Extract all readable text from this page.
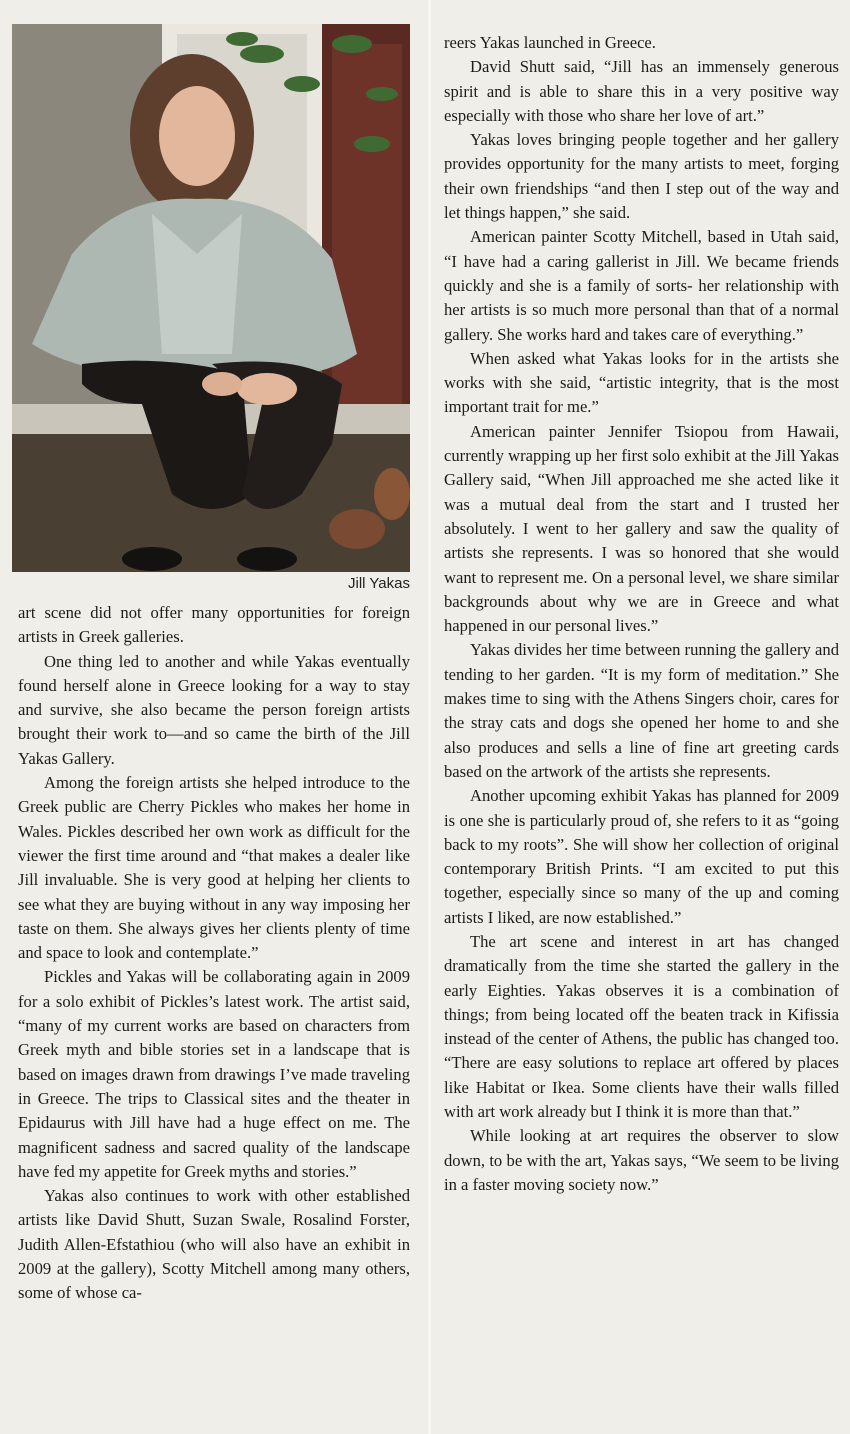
Jill Yakas

art scene did not offer many opportunities for foreign artists in Greek galleries.

One thing led to another and while Yakas eventually found herself alone in Greece looking for a way to stay and survive, she also became the person foreign artists brought their work to—and so came the birth of the Jill Yakas Gallery.

Among the foreign artists she helped introduce to the Greek public are Cherry Pickles who makes her home in Wales. Pickles described her own work as difficult for the viewer the first time around and “that makes a dealer like Jill invaluable. She is very good at helping her clients to see what they are buying without in any way imposing her taste on them. She always gives her clients plenty of time and space to look and contemplate.”

Pickles and Yakas will be collaborating again in 2009 for a solo exhibit of Pickles’s latest work. The artist said, “many of my current works are based on characters from Greek myth and bible stories set in a landscape that is based on images drawn from drawings I’ve made traveling in Greece. The trips to Classical sites and the theater in Epidaurus with Jill have had a huge effect on me. The magnificent sadness and sacred quality of the landscape have fed my appetite for Greek myths and stories.”

Yakas also continues to work with other established artists like David Shutt, Suzan Swale, Rosalind Forster, Judith Allen-Efstathiou (who will also have an exhibit in 2009 at the gallery), Scotty Mitchell among many others, some of whose ca-

reers Yakas launched in Greece.

David Shutt said, “Jill has an immensely generous spirit and is able to share this in a very positive way especially with those who share her love of art.”

Yakas loves bringing people together and her gallery provides opportunity for the many artists to meet, forging their own friendships “and then I step out of the way and let things happen,” she said.

American painter Scotty Mitchell, based in Utah said, “I have had a caring gallerist in Jill. We became friends quickly and she is a family of sorts- her relationship with her artists is so much more personal than that of a normal gallery. She works hard and takes care of everything.”

When asked what Yakas looks for in the artists she works with she said, “artistic integrity, that is the most important trait for me.”

American painter Jennifer Tsiopou from Hawaii, currently wrapping up her first solo exhibit at the Jill Yakas Gallery said, “When Jill approached me she acted like it was a mutual deal from the start and I trusted her absolutely. I went to her gallery and saw the quality of artists she represents. I was so honored that she would want to represent me. On a personal level, we share similar backgrounds about why we are in Greece and what happened in our personal lives.”

Yakas divides her time between running the gallery and tending to her garden. “It is my form of meditation.” She makes time to sing with the Athens Singers choir, cares for the stray cats and dogs she opened her home to and she also produces and sells a line of fine art greeting cards based on the artwork of the artists she represents.

Another upcoming exhibit Yakas has planned for 2009 is one she is particularly proud of, she refers to it as “going back to my roots”. She will show her collection of original contemporary British Prints. “I am excited to put this together, especially since so many of the up and coming artists I liked, are now established.”

The art scene and interest in art has changed dramatically from the time she started the gallery in the early Eighties. Yakas observes it is a combination of things; from being located off the beaten track in Kifissia instead of the center of Athens, the public has changed too. “There are easy solutions to replace art offered by places like Habitat or Ikea. Some clients have their walls filled with art work already but I think it is more than that.”

While looking at art requires the observer to slow down, to be with the art, Yakas says, “We seem to be living in a faster moving society now.”
